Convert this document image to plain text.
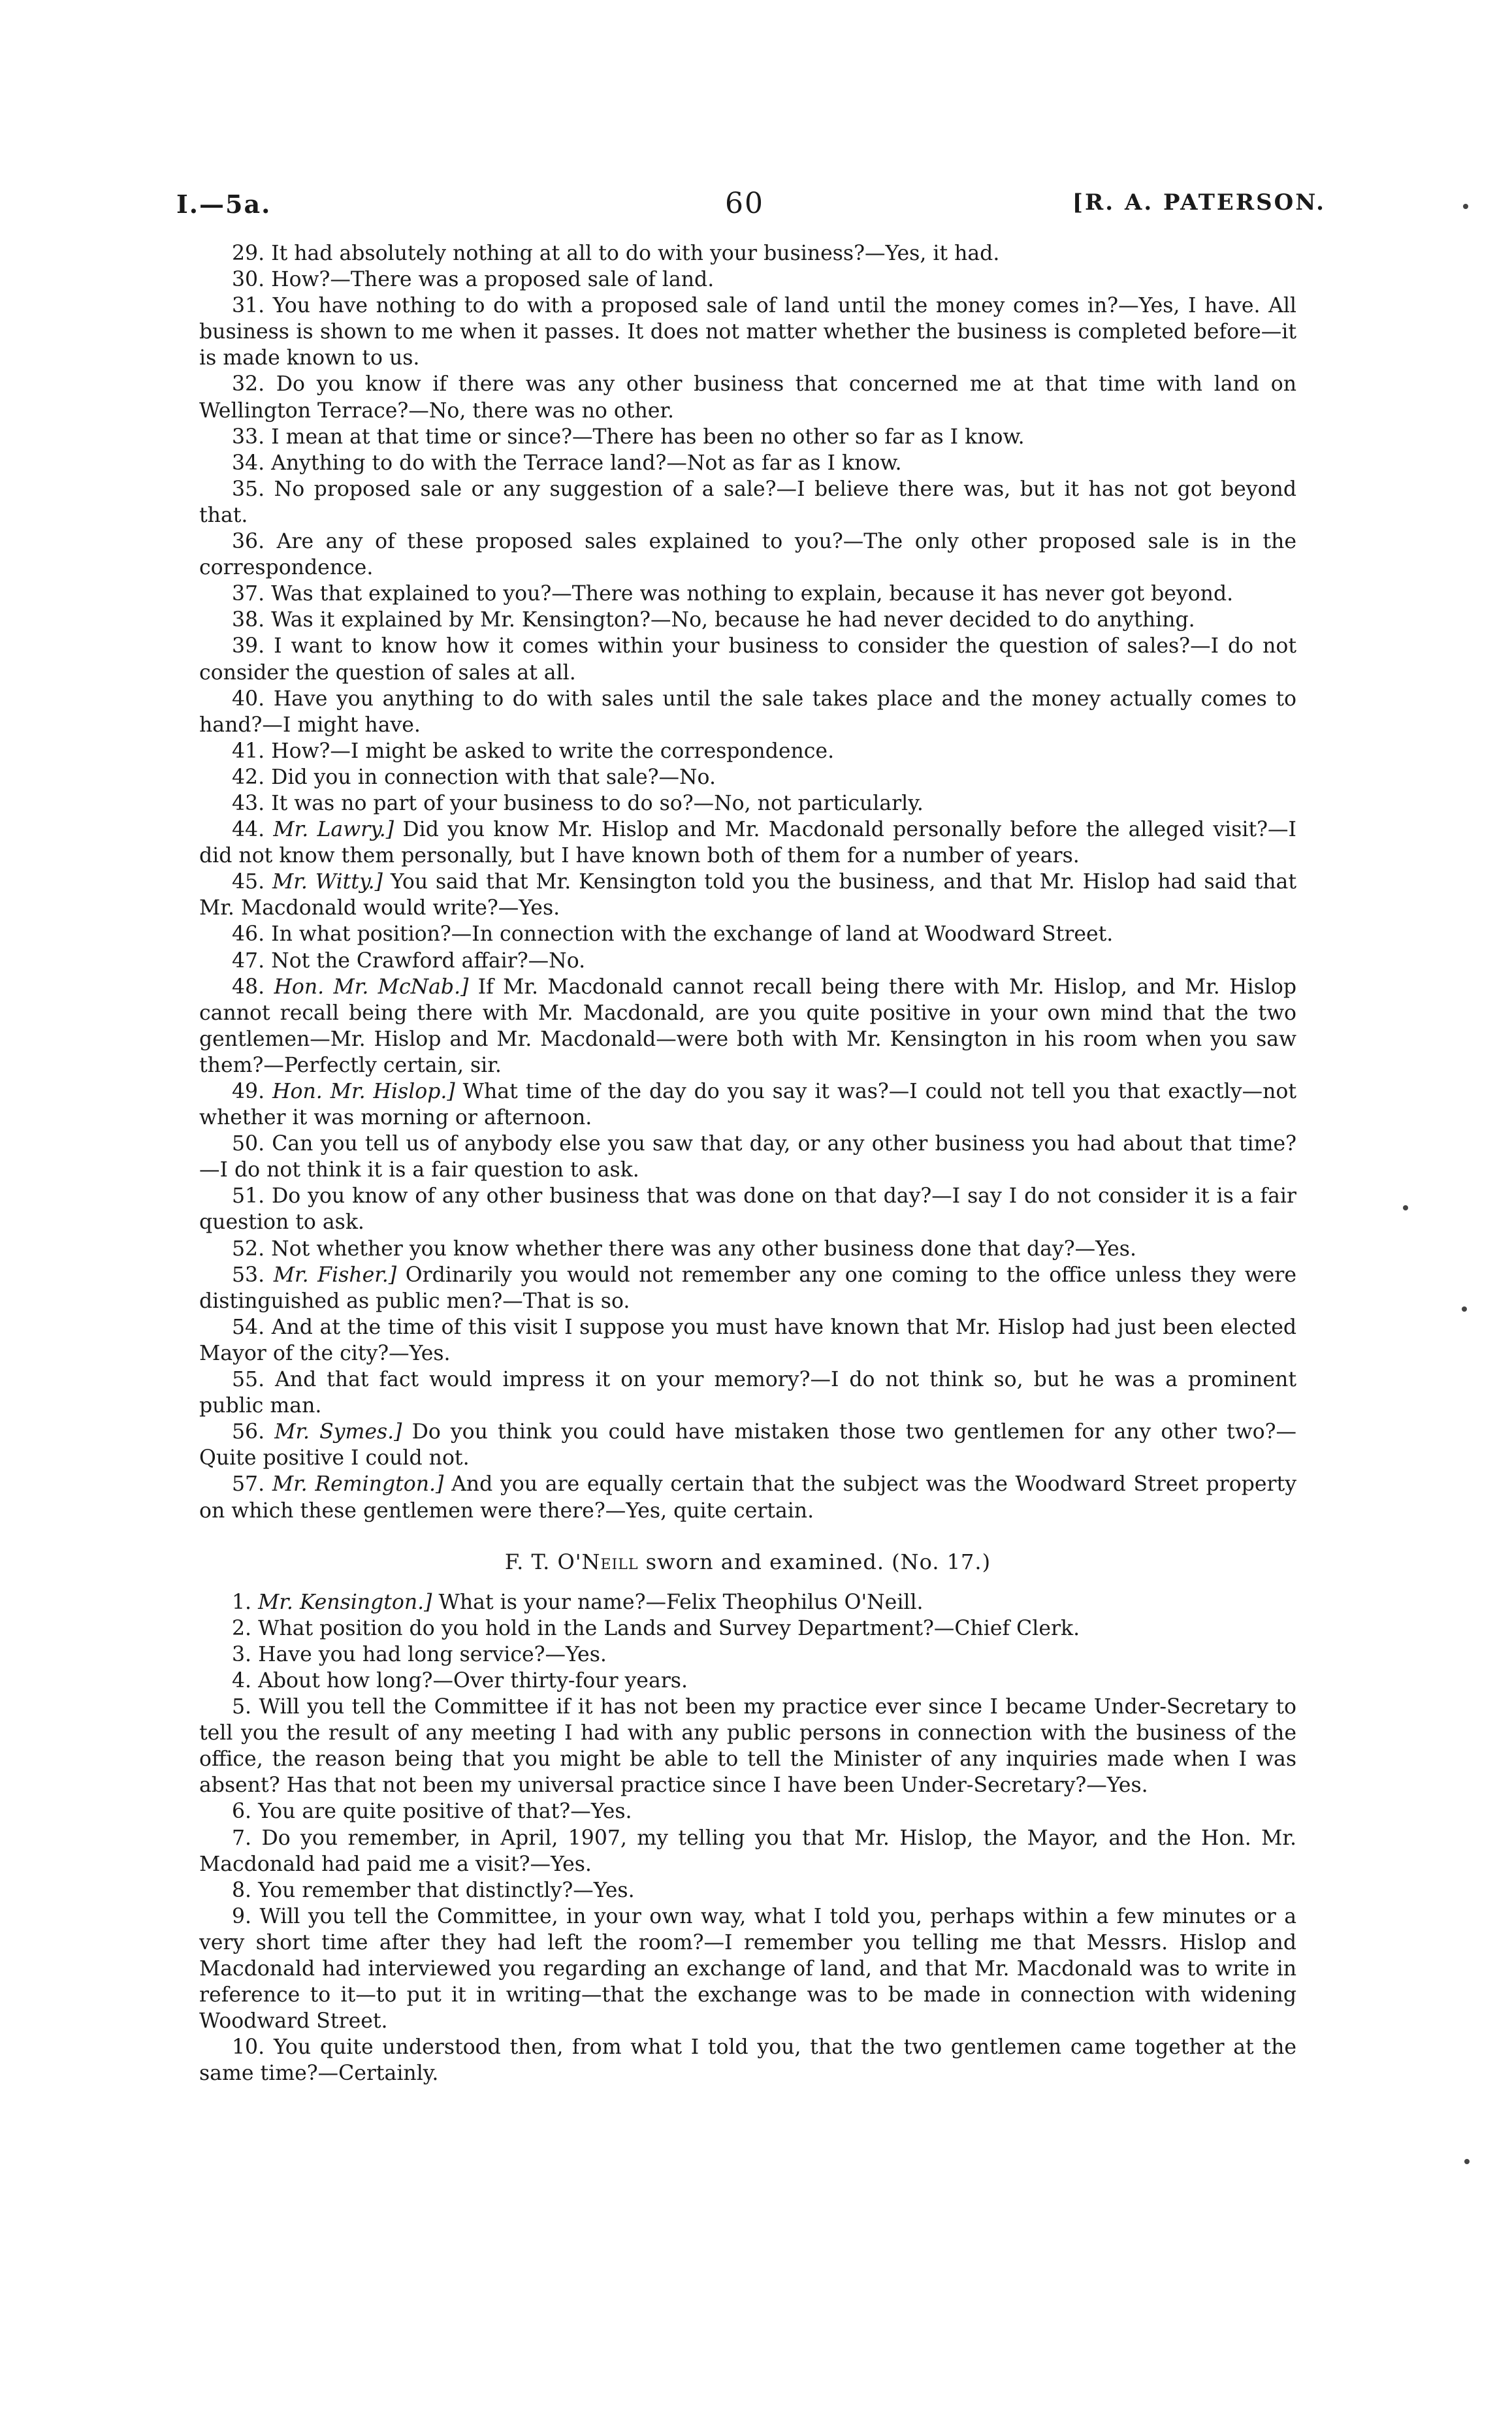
I.—5a.	60	[R. A. PATERSON.

29. It had absolutely nothing at all to do with your business?—Yes, it had.

30. How?—There was a proposed sale of land.

31. You have nothing to do with a proposed sale of land until the money comes in?—Yes, I have. All business is shown to me when it passes. It does not matter whether the business is completed before—it is made known to us.

32. Do you know if there was any other business that concerned me at that time with land on Wellington Terrace?—No, there was no other.

33. I mean at that time or since?—There has been no other so far as I know.

34. Anything to do with the Terrace land?—Not as far as I know.

35. No proposed sale or any suggestion of a sale?—I believe there was, but it has not got beyond that.

36. Are any of these proposed sales explained to you?—The only other proposed sale is in the correspondence.

37. Was that explained to you?—There was nothing to explain, because it has never got beyond.

38. Was it explained by Mr. Kensington?—No, because he had never decided to do anything.

39. I want to know how it comes within your business to consider the question of sales?—I do not consider the question of sales at all.

40. Have you anything to do with sales until the sale takes place and the money actually comes to hand?—I might have.

41. How?—I might be asked to write the correspondence.

42. Did you in connection with that sale?—No.

43. It was no part of your business to do so?—No, not particularly.

44. Mr. Lawry.] Did you know Mr. Hislop and Mr. Macdonald personally before the alleged visit?—I did not know them personally, but I have known both of them for a number of years.

45. Mr. Witty.] You said that Mr. Kensington told you the business, and that Mr. Hislop had said that Mr. Macdonald would write?—Yes.

46. In what position?—In connection with the exchange of land at Woodward Street.

47. Not the Crawford affair?—No.

48. Hon. Mr. McNab.] If Mr. Macdonald cannot recall being there with Mr. Hislop, and Mr. Hislop cannot recall being there with Mr. Macdonald, are you quite positive in your own mind that the two gentlemen—Mr. Hislop and Mr. Macdonald—were both with Mr. Kensington in his room when you saw them?—Perfectly certain, sir.

49. Hon. Mr. Hislop.] What time of the day do you say it was?—I could not tell you that exactly—not whether it was morning or afternoon.

50. Can you tell us of anybody else you saw that day, or any other business you had about that time?—I do not think it is a fair question to ask.

51. Do you know of any other business that was done on that day?—I say I do not consider it is a fair question to ask.

52. Not whether you know whether there was any other business done that day?—Yes.

53. Mr. Fisher.] Ordinarily you would not remember any one coming to the office unless they were distinguished as public men?—That is so.

54. And at the time of this visit I suppose you must have known that Mr. Hislop had just been elected Mayor of the city?—Yes.

55. And that fact would impress it on your memory?—I do not think so, but he was a prominent public man.

56. Mr. Symes.] Do you think you could have mistaken those two gentlemen for any other two?—Quite positive I could not.

57. Mr. Remington.] And you are equally certain that the subject was the Woodward Street property on which these gentlemen were there?—Yes, quite certain.

F. T. O'Neill sworn and examined. (No. 17.)

1. Mr. Kensington.] What is your name?—Felix Theophilus O'Neill.

2. What position do you hold in the Lands and Survey Department?—Chief Clerk.

3. Have you had long service?—Yes.

4. About how long?—Over thirty-four years.

5. Will you tell the Committee if it has not been my practice ever since I became Under-Secretary to tell you the result of any meeting I had with any public persons in connection with the business of the office, the reason being that you might be able to tell the Minister of any inquiries made when I was absent? Has that not been my universal practice since I have been Under-Secretary?—Yes.

6. You are quite positive of that?—Yes.

7. Do you remember, in April, 1907, my telling you that Mr. Hislop, the Mayor, and the Hon. Mr. Macdonald had paid me a visit?—Yes.

8. You remember that distinctly?—Yes.

9. Will you tell the Committee, in your own way, what I told you, perhaps within a few minutes or a very short time after they had left the room?—I remember you telling me that Messrs. Hislop and Macdonald had interviewed you regarding an exchange of land, and that Mr. Macdonald was to write in reference to it—to put it in writing—that the exchange was to be made in connection with widening Woodward Street.

10. You quite understood then, from what I told you, that the two gentlemen came together at the same time?—Certainly.
